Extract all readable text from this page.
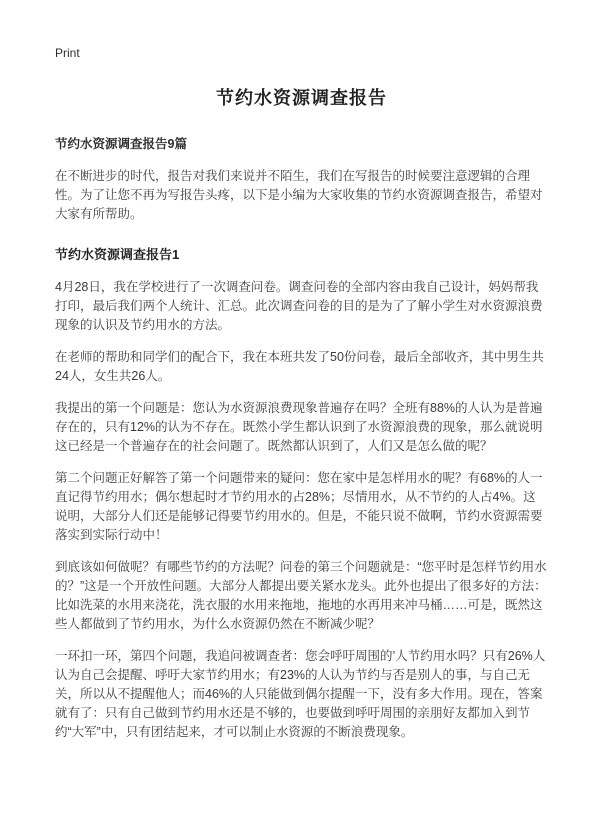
Print
节约水资源调查报告
节约水资源调查报告9篇

在不断进步的时代，报告对我们来说并不陌生，我们在写报告的时候要注意逻辑的合理性。为了让您不再为写报告头疼，以下是小编为大家收集的节约水资源调查报告，希望对大家有所帮助。

节约水资源调查报告1

4月28日，我在学校进行了一次调查问卷。调查问卷的全部内容由我自己设计，妈妈帮我打印，最后我们两个人统计、汇总。此次调查问卷的目的是为了了解小学生对水资源浪费现象的认识及节约用水的方法。

在老师的帮助和同学们的配合下，我在本班共发了50份问卷，最后全部收齐，其中男生共24人，女生共26人。

我提出的第一个问题是：您认为水资源浪费现象普遍存在吗？全班有88%的人认为是普遍存在的，只有12%的认为不存在。既然小学生都认识到了水资源浪费的现象，那么就说明这已经是一个普遍存在的社会问题了。既然都认识到了，人们又是怎么做的呢？

第二个问题正好解答了第一个问题带来的疑问：您在家中是怎样用水的呢？有68%的人一直记得节约用水；偶尔想起时才节约用水的占28%；尽情用水，从不节约的人占4%。这说明，大部分人们还是能够记得要节约用水的。但是，不能只说不做啊，节约水资源需要落实到实际行动中！

到底该如何做呢？有哪些节约的方法呢？问卷的第三个问题就是：“您平时是怎样节约用水的？”这是一个开放性问题。大部分人都提出要关紧水龙头。此外也提出了很多好的方法：比如洗菜的水用来浇花，洗衣服的水用来拖地，拖地的水再用来冲马桶……可是，既然这些人都做到了节约用水，为什么水资源仍然在不断减少呢？

一环扣一环，第四个问题，我追问被调查者：您会呼吁周围的’人节约用水吗？只有26%人认为自己会提醒、呼吁大家节约用水；有23%的人认为节约与否是别人的事，与自己无关，所以从不提醒他人；而46%的人只能做到偶尔提醒一下，没有多大作用。现在，答案就有了：只有自己做到节约用水还是不够的，也要做到呼吁周围的亲朋好友都加入到节约“大军”中，只有团结起来，才可以制止水资源的不断浪费现象。
